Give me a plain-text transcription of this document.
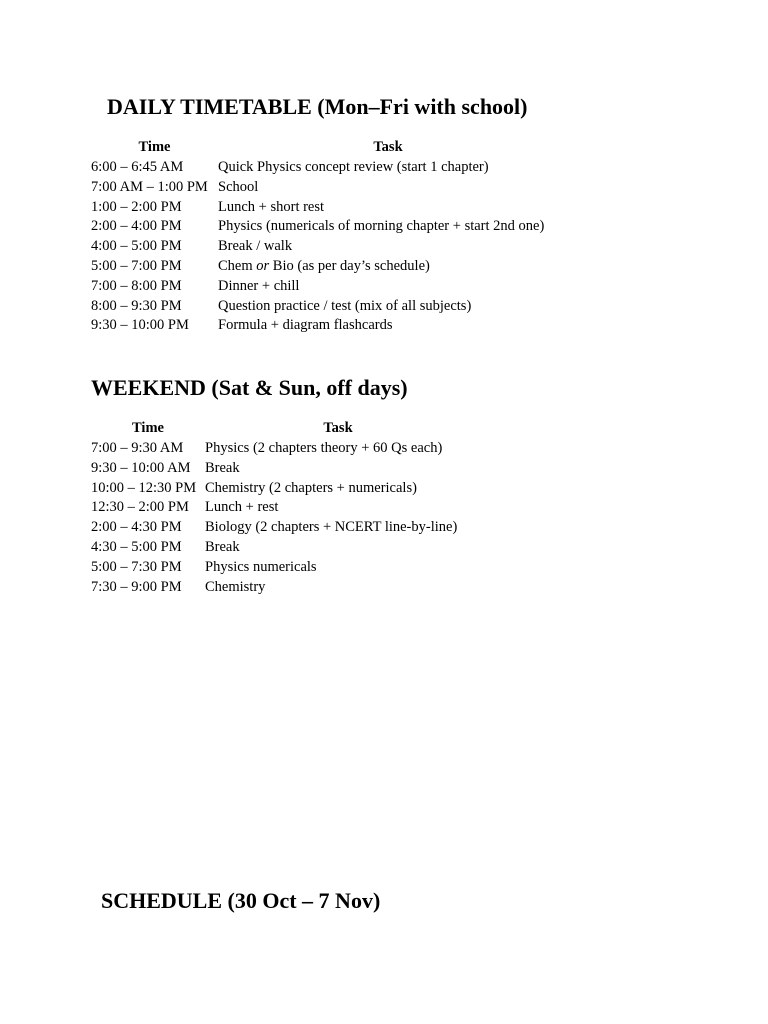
DAILY TIMETABLE (Mon–Fri with school)
Time	Task
6:00 – 6:45 AM	Quick Physics concept review (start 1 chapter)
7:00 AM – 1:00 PM	School
1:00 – 2:00 PM	Lunch + short rest
2:00 – 4:00 PM	Physics (numericals of morning chapter + start 2nd one)
4:00 – 5:00 PM	Break / walk
5:00 – 7:00 PM	Chem or Bio (as per day’s schedule)
7:00 – 8:00 PM	Dinner + chill
8:00 – 9:30 PM	Question practice / test (mix of all subjects)
9:30 – 10:00 PM	Formula + diagram flashcards
WEEKEND (Sat & Sun, off days)
Time	Task
7:00 – 9:30 AM	Physics (2 chapters theory + 60 Qs each)
9:30 – 10:00 AM	Break
10:00 – 12:30 PM	Chemistry (2 chapters + numericals)
12:30 – 2:00 PM	Lunch + rest
2:00 – 4:30 PM	Biology (2 chapters + NCERT line-by-line)
4:30 – 5:00 PM	Break
5:00 – 7:30 PM	Physics numericals
7:30 – 9:00 PM	Chemistry
SCHEDULE (30 Oct – 7 Nov)
